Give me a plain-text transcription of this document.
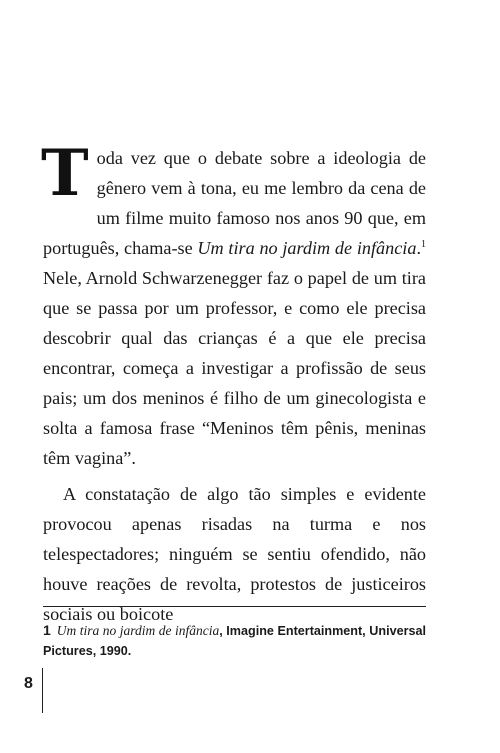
Toda vez que o debate sobre a ideologia de gênero vem à tona, eu me lembro da cena de um filme muito famoso nos anos 90 que, em português, chama-se Um tira no jardim de infância.$^1$ Nele, Arnold Schwarzenegger faz o papel de um tira que se passa por um professor, e como ele precisa descobrir qual das crianças é a que ele precisa encontrar, começa a investigar a profissão de seus pais; um dos meninos é filho de um ginecologista e solta a famosa frase “Meninos têm pênis, meninas têm vagina”.

A constatação de algo tão simples e evidente provocou apenas risadas na turma e nos telespectadores; ninguém se sentiu ofendido, não houve reações de revolta, protestos de justiceiros sociais ou boicote

1 Um tira no jardim de infância, Imagine Entertainment, Universal Pictures, 1990.
8
